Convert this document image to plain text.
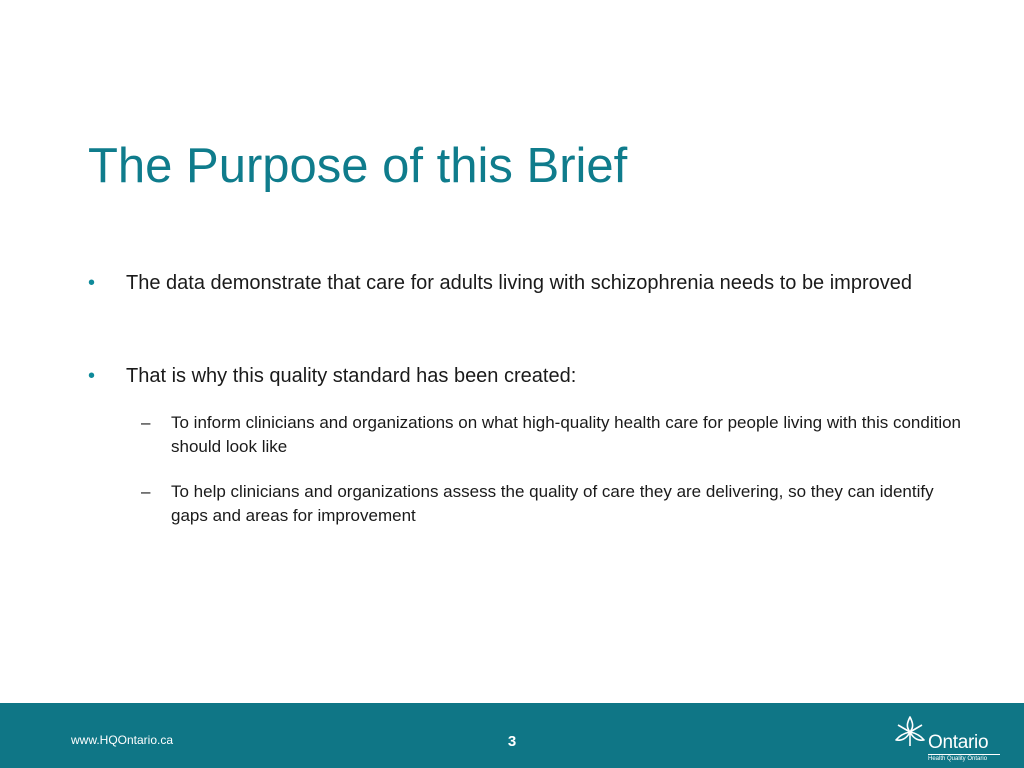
The Purpose of this Brief
•	The data demonstrate that care for adults living with schizophrenia needs to be improved
•	That is why this quality standard has been created:
–	To inform clinicians and organizations on what high-quality health care for people living with this condition should look like
–	To help clinicians and organizations assess the quality of care they are delivering, so they can identify gaps and areas for improvement
www.HQOntario.ca	3	Ontario
Health Quality Ontario
